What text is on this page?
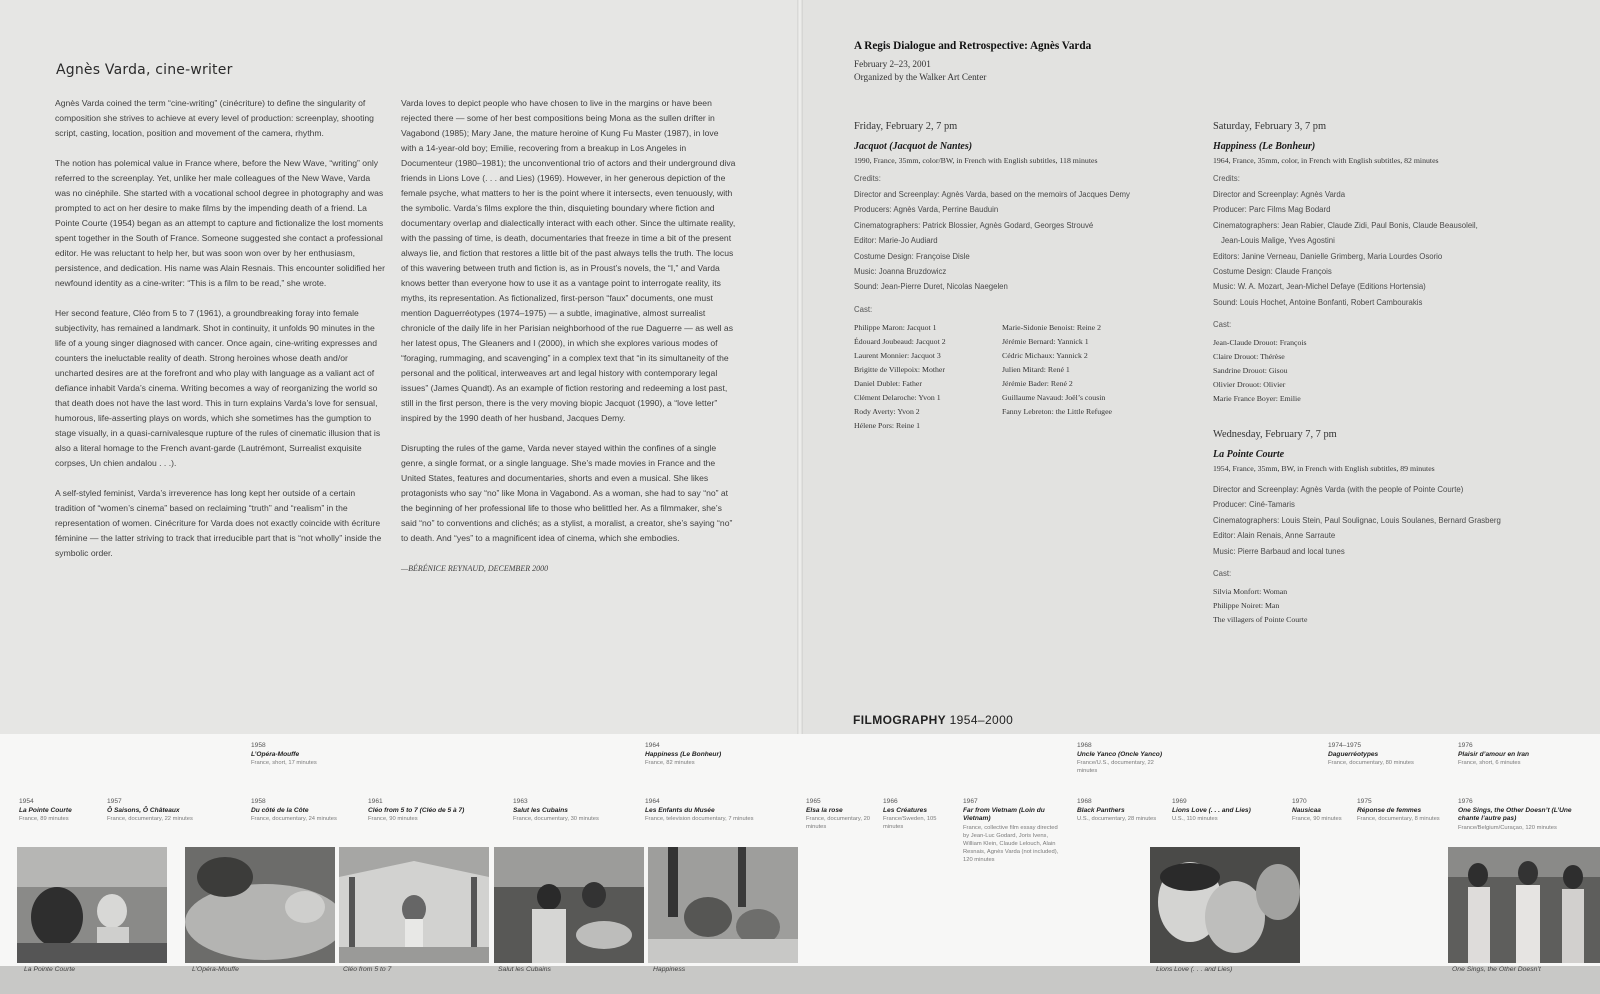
Agnès Varda, cine-writer

Agnès Varda coined the term “cine-writing” (cinécriture) to define the singularity of composition she strives to achieve at every level of production: screenplay, shooting script, casting, location, position and movement of the camera, rhythm.

The notion has polemical value in France where, before the New Wave, “writing” only referred to the screenplay. Yet, unlike her male colleagues of the New Wave, Varda was no cinéphile. She started with a vocational school degree in photography and was prompted to act on her desire to make films by the impending death of a friend. La Pointe Courte (1954) began as an attempt to capture and fictionalize the lost moments spent together in the South of France. Someone suggested she contact a professional editor. He was reluctant to help her, but was soon won over by her enthusiasm, persistence, and dedication. His name was Alain Resnais. This encounter solidified her newfound identity as a cine-writer: “This is a film to be read,” she wrote.

Her second feature, Cléo from 5 to 7 (1961), a groundbreaking foray into female subjectivity, has remained a landmark. Shot in continuity, it unfolds 90 minutes in the life of a young singer diagnosed with cancer. Once again, cine-writing expresses and counters the ineluctable reality of death. Strong heroines whose death and/or uncharted desires are at the forefront and who play with language as a valiant act of defiance inhabit Varda’s cinema. Writing becomes a way of reorganizing the world so that death does not have the last word. This in turn explains Varda’s love for sensual, humorous, life-asserting plays on words, which she sometimes has the gumption to stage visually, in a quasi-carnivalesque rupture of the rules of cinematic illusion that is also a literal homage to the French avant-garde (Lautrémont, Surrealist exquisite corpses, Un chien andalou . . .).

A self-styled feminist, Varda’s irreverence has long kept her outside of a certain tradition of “women’s cinema” based on reclaiming “truth” and “realism” in the representation of women. Cinécriture for Varda does not exactly coincide with écriture féminine — the latter striving to track that irreducible part that is “not wholly” inside the symbolic order.

Varda loves to depict people who have chosen to live in the margins or have been rejected there — some of her best compositions being Mona as the sullen drifter in Vagabond (1985); Mary Jane, the mature heroine of Kung Fu Master (1987), in love with a 14-year-old boy; Emilie, recovering from a breakup in Los Angeles in Documenteur (1980–1981); the unconventional trio of actors and their underground diva friends in Lions Love (. . . and Lies) (1969). However, in her generous depiction of the female psyche, what matters to her is the point where it intersects, even tenuously, with the symbolic. Varda’s films explore the thin, disquieting boundary where fiction and documentary overlap and dialectically interact with each other. Since the ultimate reality, with the passing of time, is death, documentaries that freeze in time a bit of the present always lie, and fiction that restores a little bit of the past always tells the truth. The locus of this wavering between truth and fiction is, as in Proust’s novels, the “I,” and Varda knows better than everyone how to use it as a vantage point to interrogate reality, its myths, its representation. As fictionalized, first-person “faux” documents, one must mention Daguerréotypes (1974–1975) — a subtle, imaginative, almost surrealist chronicle of the daily life in her Parisian neighborhood of the rue Daguerre — as well as her latest opus, The Gleaners and I (2000), in which she explores various modes of “foraging, rummaging, and scavenging” in a complex text that “in its simultaneity of the personal and the political, interweaves art and legal history with contemporary legal issues” (James Quandt). As an example of fiction restoring and redeeming a lost past, still in the first person, there is the very moving biopic Jacquot (1990), a “love letter” inspired by the 1990 death of her husband, Jacques Demy.

Disrupting the rules of the game, Varda never stayed within the confines of a single genre, a single format, or a single language. She’s made movies in France and the United States, features and documentaries, shorts and even a musical. She likes protagonists who say “no” like Mona in Vagabond. As a woman, she had to say “no” at the beginning of her professional life to those who belittled her. As a filmmaker, she’s said “no” to conventions and clichés; as a stylist, a moralist, a creator, she’s saying “no” to death. And “yes” to a magnificent idea of cinema, which she embodies.

—BÉRÉNICE REYNAUD, DECEMBER 2000

A Regis Dialogue and Retrospective: Agnès Varda
February 2–23, 2001
Organized by the Walker Art Center
Friday, February 2, 7 pm
Jacquot (Jacquot de Nantes)
1990, France, 35mm, color/BW, in French with English subtitles, 118 minutes
Credits:
Director and Screenplay: Agnès Varda, based on the memoirs of Jacques Demy
Producers: Agnès Varda, Perrine Bauduin
Cinematographers: Patrick Blossier, Agnès Godard, Georges Strouvé
Editor: Marie-Jo Audiard
Costume Design: Françoise Disle
Music: Joanna Bruzdowicz
Sound: Jean-Pierre Duret, Nicolas Naegelen
Cast:
Philippe Maron: Jacquot 1
Édouard Joubeaud: Jacquot 2
Laurent Monnier: Jacquot 3
Brigitte de Villepoix: Mother
Daniel Dublet: Father
Clément Delaroche: Yvon 1
Rody Averty: Yvon 2
Hélene Pors: Reine 1
Marie-Sidonie Benoist: Reine 2
Jérémie Bernard: Yannick 1
Cédric Michaux: Yannick 2
Julien Mitard: René 1
Jérémie Bader: René 2
Guillaume Navaud: Joël’s cousin
Fanny Lebreton: the Little Refugee
Saturday, February 3, 7 pm
Happiness (Le Bonheur)
1964, France, 35mm, color, in French with English subtitles, 82 minutes
Credits:
Director and Screenplay: Agnès Varda
Producer: Parc Films Mag Bodard
Cinematographers: Jean Rabier, Claude Zidi, Paul Bonis, Claude Beausoleil,
Jean-Louis Malige, Yves Agostini
Editors: Janine Verneau, Danielle Grimberg, Maria Lourdes Osorio
Costume Design: Claude François
Music: W. A. Mozart, Jean-Michel Defaye (Editions Hortensia)
Sound: Louis Hochet, Antoine Bonfanti, Robert Cambourakis
Cast:
Jean-Claude Drouot: François
Claire Drouot: Thérèse
Sandrine Drouot: Gisou
Olivier Drouot: Olivier
Marie France Boyer: Emilie
Wednesday, February 7, 7 pm
La Pointe Courte
1954, France, 35mm, BW, in French with English subtitles, 89 minutes
Director and Screenplay: Agnès Varda (with the people of Pointe Courte)
Producer: Ciné-Tamaris
Cinematographers: Louis Stein, Paul Soulignac, Louis Soulanes, Bernard Grasberg
Editor: Alain Renais, Anne Sarraute
Music: Pierre Barbaud and local tunes
Cast:
Silvia Monfort: Woman
Philippe Noiret: Man
The villagers of Pointe Courte
FILMOGRAPHY 1954–2000
1958
L’Opéra-Mouffe
France, short, 17 minutes
1964
Happiness (Le Bonheur)
France, 82 minutes
1968
Uncle Yanco (Oncle Yanco)
France/U.S., documentary, 22 minutes
1974–1975
Daguerréotypes
France, documentary, 80 minutes
1976
Plaisir d’amour en Iran
France, short, 6 minutes
1954
La Pointe Courte
France, 89 minutes
1957
Ô Saisons, Ô Châteaux
France, documentary, 22 minutes
1958
Du côté de la Côte
France, documentary, 24 minutes
1961
Cléo from 5 to 7 (Cléo de 5 à 7)
France, 90 minutes
1963
Salut les Cubains
France, documentary, 30 minutes
1964
Les Enfants du Musée
France, television documentary, 7 minutes
1965
Elsa la rose
France, documentary, 20 minutes
1966
Les Créatures
France/Sweden, 105 minutes
1967
Far from Vietnam (Loin du Vietnam)
France, collective film essay directed by Jean-Luc Godard, Joris Ivens, William Klein, Claude Lelouch, Alain Resnais, Agnès Varda (not included), 120 minutes
1968
Black Panthers
U.S., documentary, 28 minutes
1969
Lions Love (. . . and Lies)
U.S., 110 minutes
1970
Nausicaa
France, 90 minutes
1975
Réponse de femmes
France, documentary, 8 minutes
1976
One Sings, the Other Doesn’t (L’Une chante l’autre pas)
France/Belgium/Curaçao, 120 minutes
La Pointe Courte	L’Opéra-Mouffe	Cléo from 5 to 7	Salut les Cubains	Happiness	Lions Love (. . . and Lies)	One Sings, the Other Doesn’t
